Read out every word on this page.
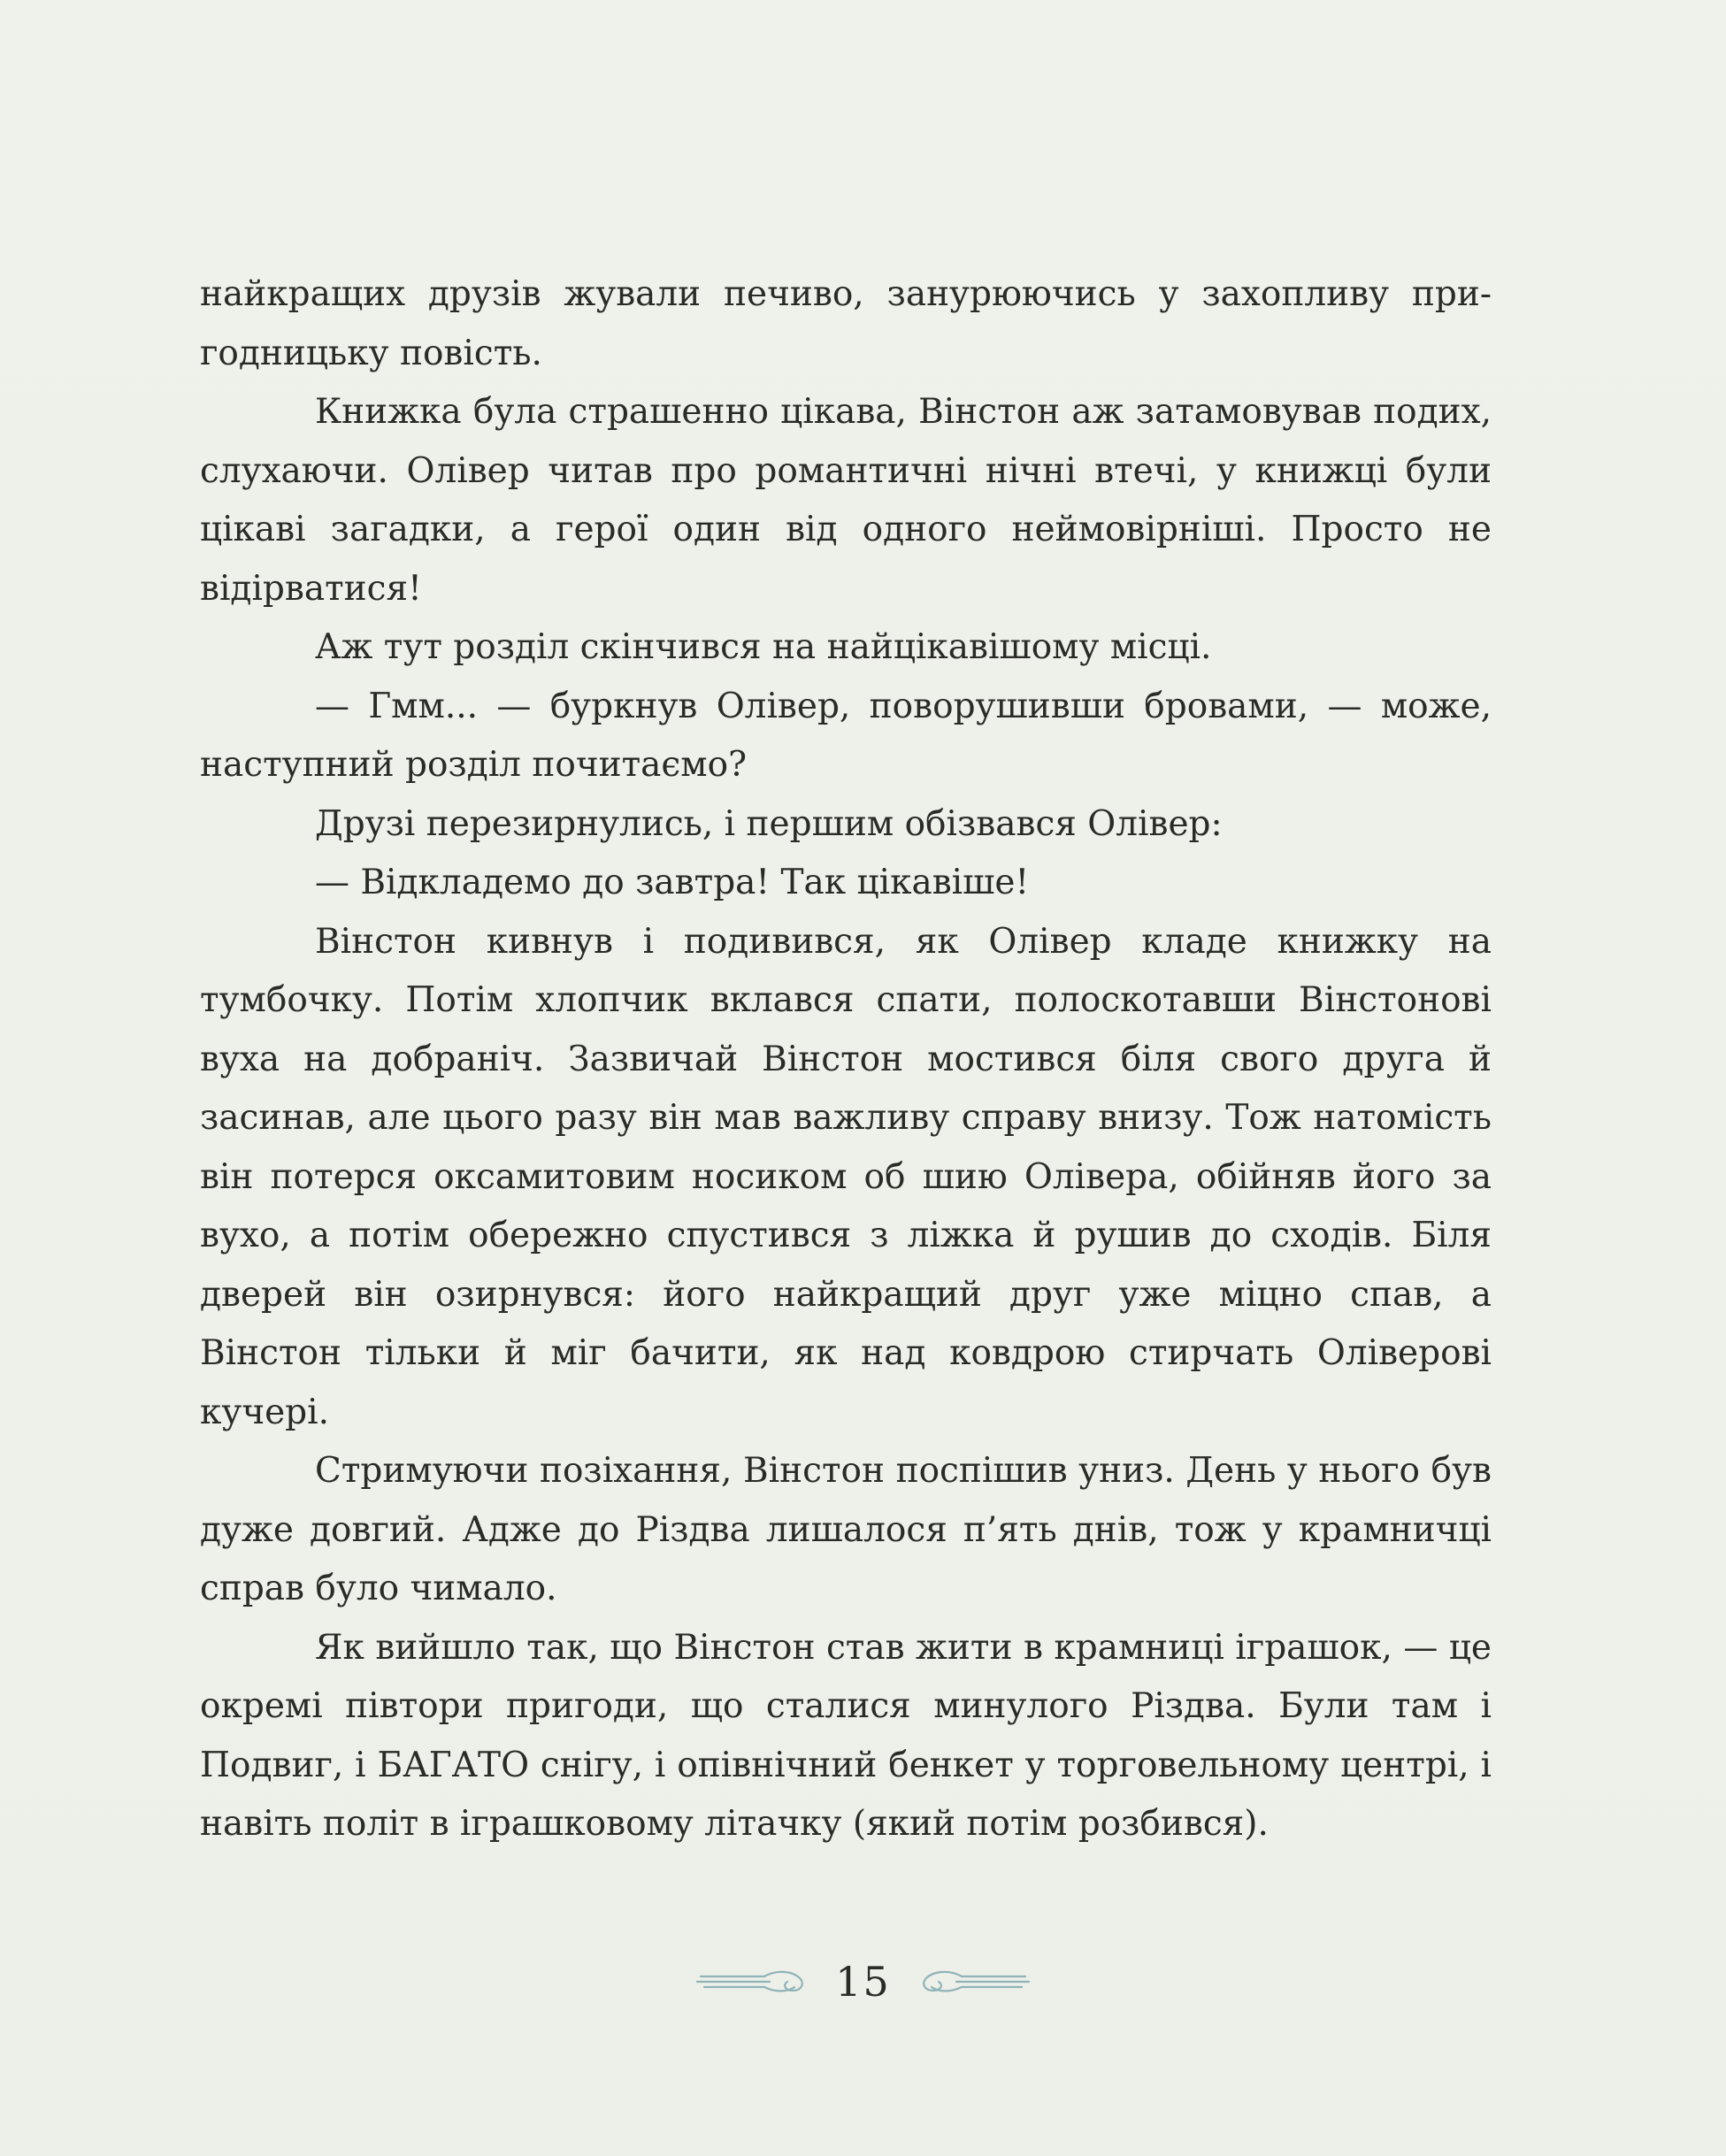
найкращих друзів жували печиво, занурюючись у захопливу пригодницьку повість.

Книжка була страшенно цікава, Вінстон аж затамовував подих, слухаючи. Олівер читав про романтичні нічні втечі, у книжці були цікаві загадки, а герої один від одного неймовірніші. Просто не відірватися!

Аж тут розділ скінчився на найцікавішому місці.

— Гмм... — буркнув Олівер, поворушивши бровами, — може, наступний розділ почитаємо?

Друзі перезирнулись, і першим обізвався Олівер:

— Відкладемо до завтра! Так цікавіше!

Вінстон кивнув і подивився, як Олівер кладе книжку на тумбочку. Потім хлопчик вклався спати, полоскотавши Вінстонові вуха на добраніч. Зазвичай Вінстон мостився біля свого друга й засинав, але цього разу він мав важливу справу внизу. Тож натомість він потерся оксамитовим носиком об шию Олівера, обійняв його за вухо, а потім обережно спустився з ліжка й рушив до сходів. Біля дверей він озирнувся: його найкращий друг уже міцно спав, а Вінстон тільки й міг бачити, як над ковдрою стирчать Оліверові кучері.

Стримуючи позіхання, Вінстон поспішив униз. День у нього був дуже довгий. Адже до Різдва лишалося п’ять днів, тож у крамничці справ було чимало.

Як вийшло так, що Вінстон став жити в крамниці іграшок, — це окремі півтори пригоди, що сталися минулого Різдва. Були там і Подвиг, і БАГАТО снігу, і опівнічний бенкет у торговельному центрі, і навіть політ в іграшковому літачку (який потім розбився).

15
